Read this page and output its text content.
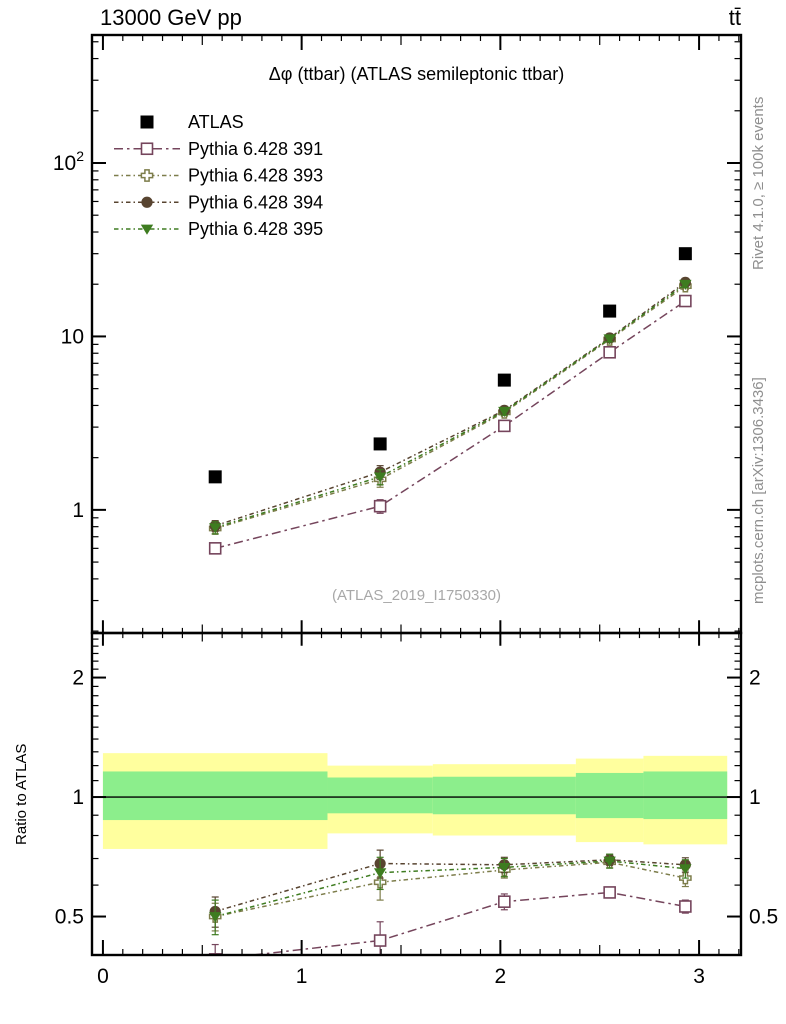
0	1	2	3
1
10
$10^2$
0.5	0.5
1	1
2	2
ATLAS
Pythia 6.428 391
Pythia 6.428 393
Pythia 6.428 394
Pythia 6.428 395
13000 GeV pp	tt̄
Δφ (ttbar) (ATLAS semileptonic ttbar)
(ATLAS_2019_I1750330)
Rivet 4.1.0, ≥ 100k events
mcplots.cern.ch [arXiv:1306.3436]
Ratio to ATLAS
